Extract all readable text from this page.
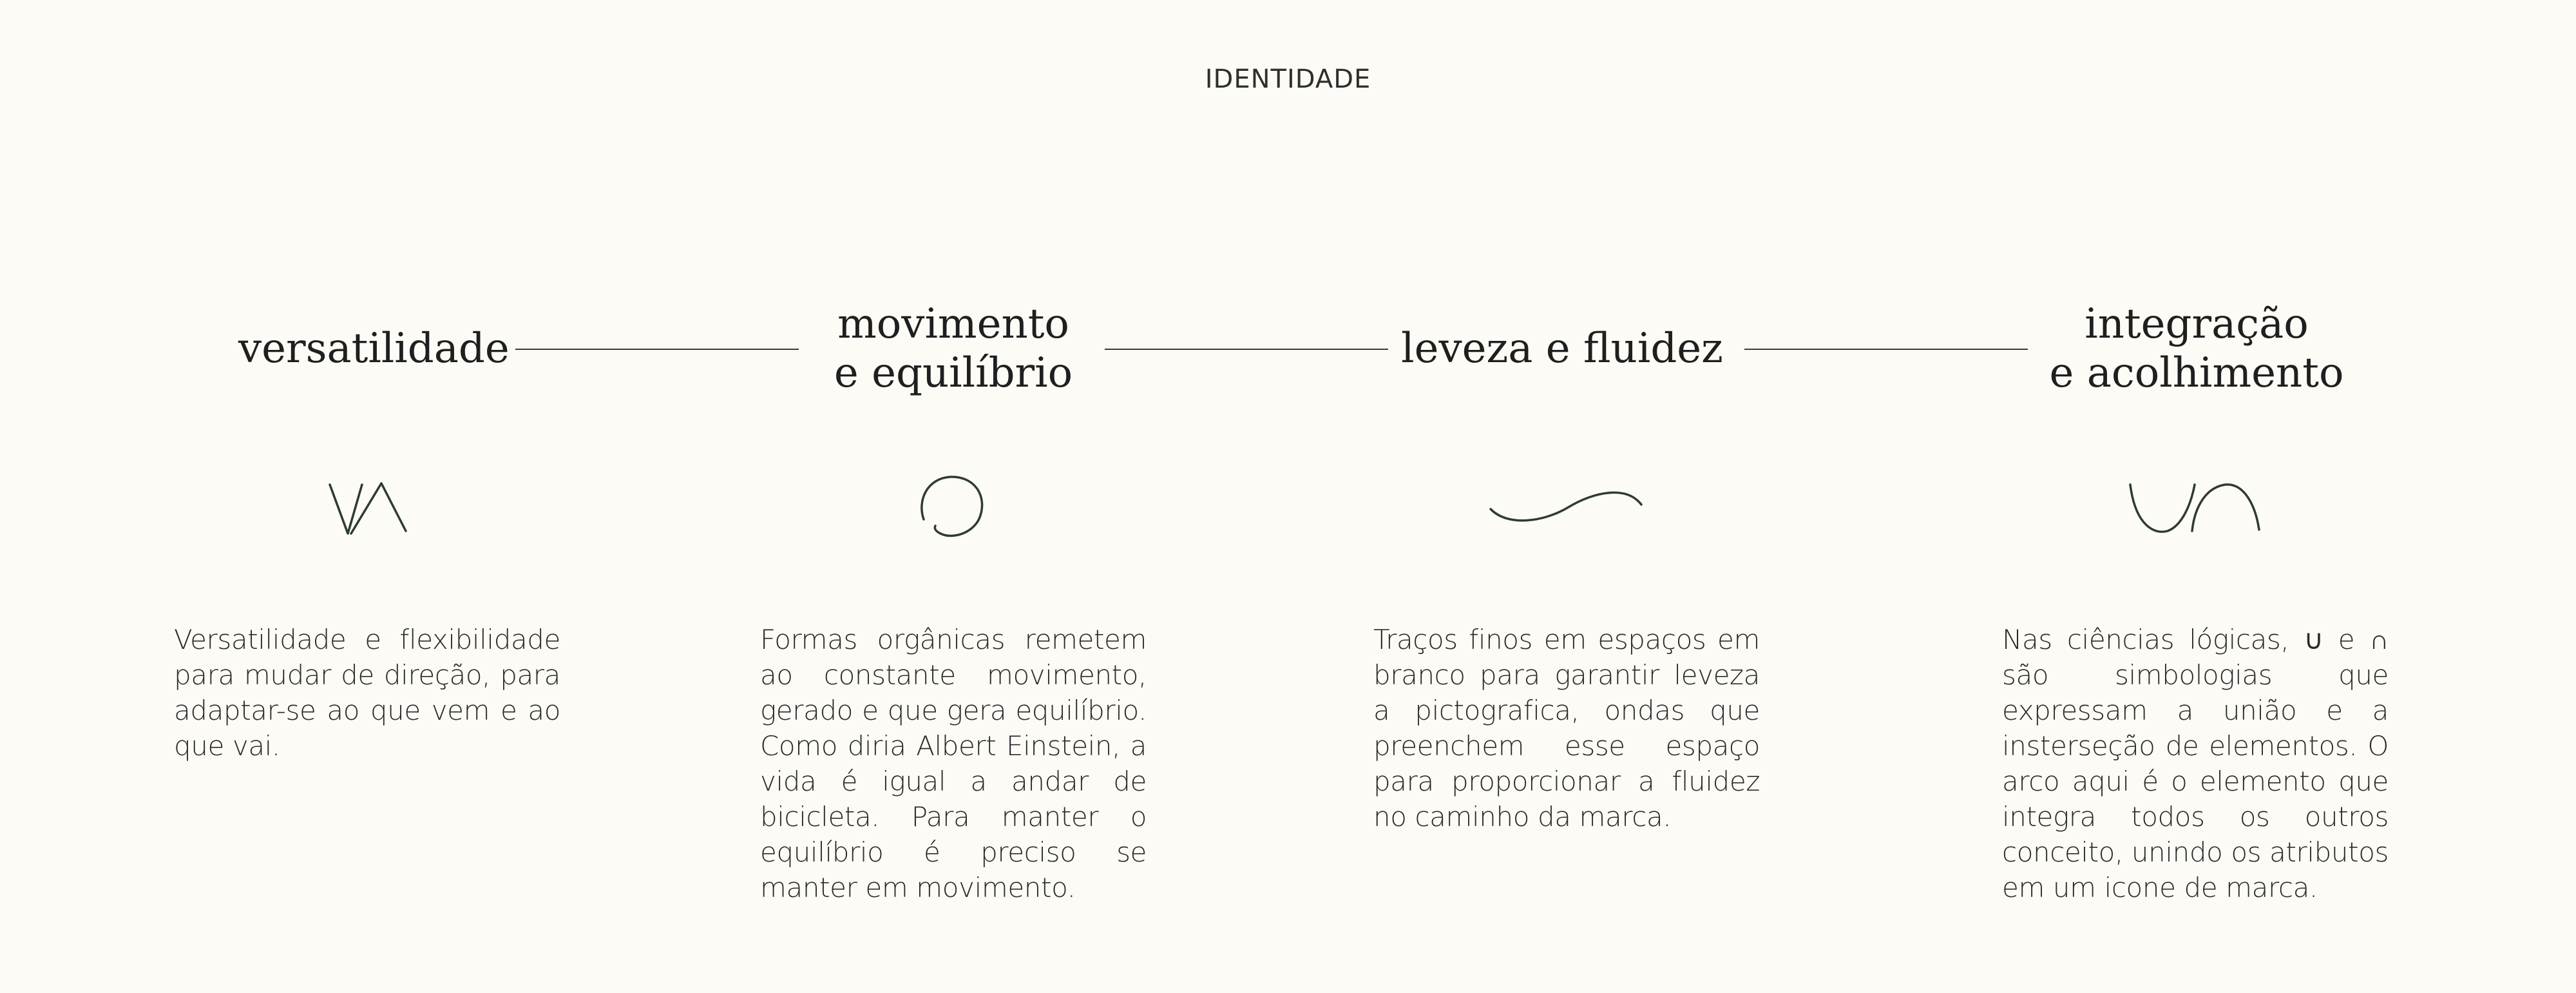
IDENTIDADE
versatilidade
movimento
e equilíbrio
leveza e fluidez
integração
e acolhimento
Versatilidade e flexibilidade para mudar de direção, para adaptar-se ao que vem e ao que vai.
Formas orgânicas remetem ao constante movimento, gerado e que gera equilíbrio. Como diria Albert Einstein, a vida é igual a andar de bicicleta. Para manter o equilíbrio é preciso se manter em movimento.
Traços finos em espaços em branco para garantir leveza a pictografica, ondas que preenchem esse espaço para proporcionar a fluidez no caminho da marca.
Nas ciências lógicas, ∪ e ∩ são simbologias que expressam a união e a insterseção de elementos. O arco aqui é o elemento que integra todos os outros conceito, unindo os atributos em um icone de marca.
